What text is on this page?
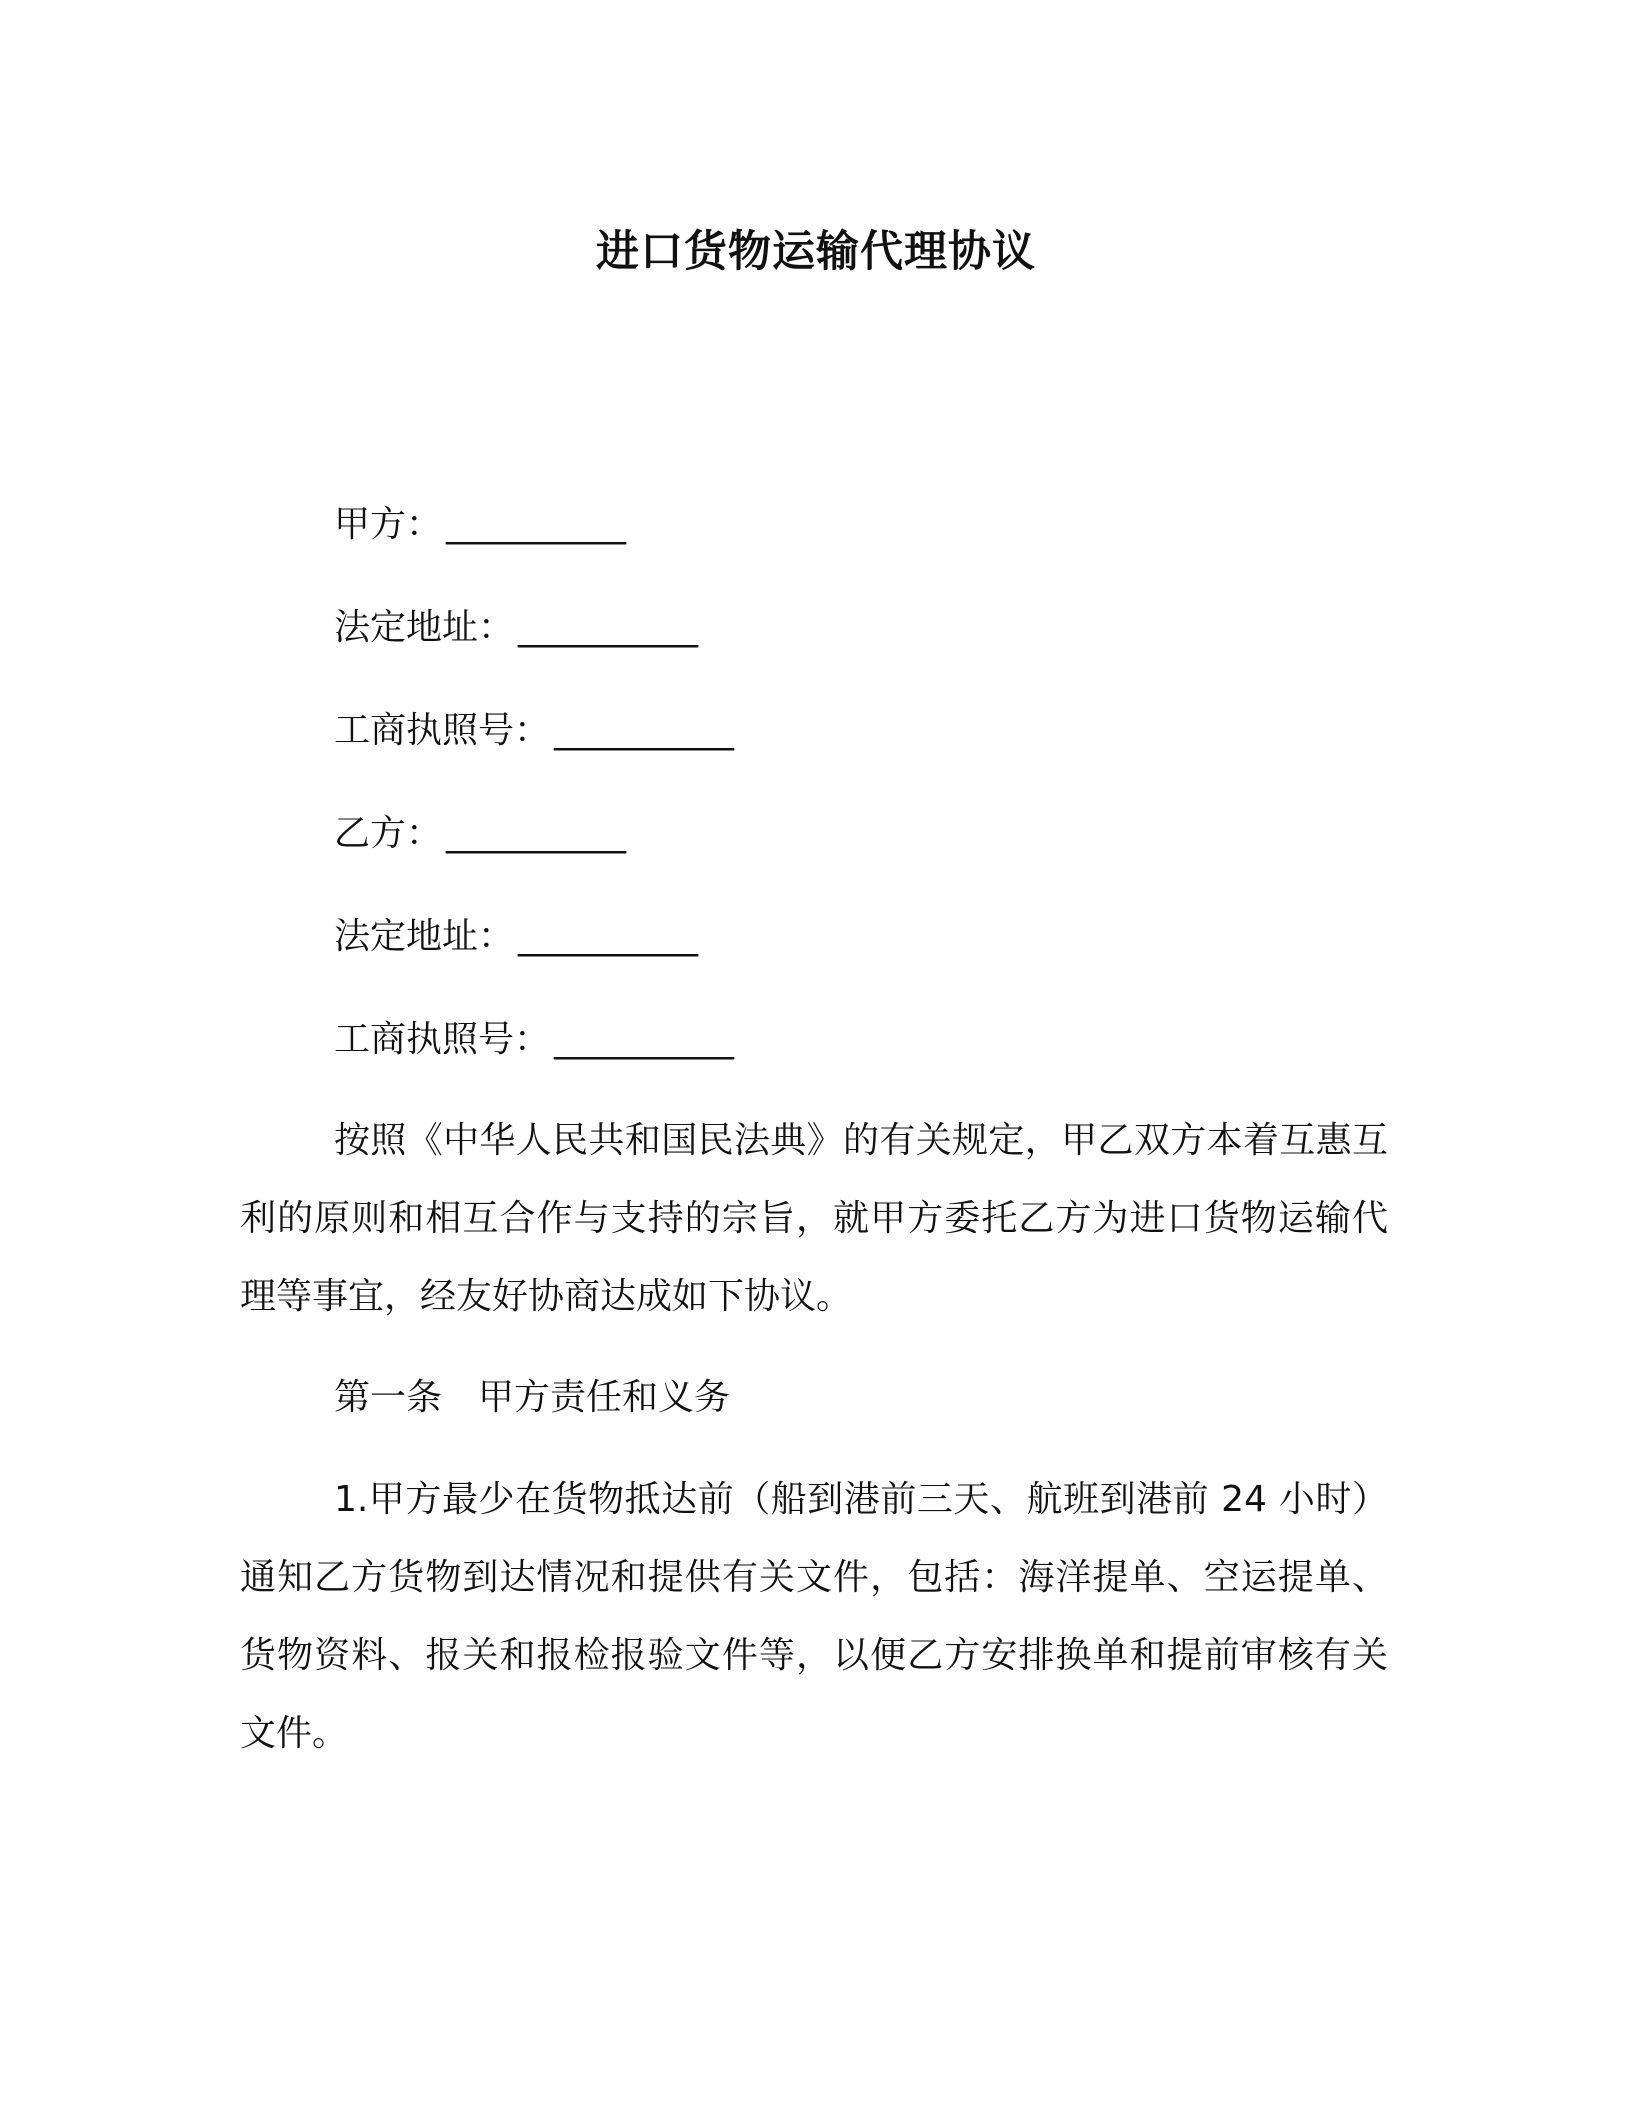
进口货物运输代理协议
甲方： __________
法定地址： __________
工商执照号： __________
乙方： __________
法定地址： __________
工商执照号： __________
按照《中华人民共和国民法典》的有关规定，甲乙双方本着互惠互利的原则和相互合作与支持的宗旨，就甲方委托乙方为进口货物运输代理等事宜，经友好协商达成如下协议。
第一条　甲方责任和义务
1.甲方最少在货物抵达前（船到港前三天、航班到港前 24 小时）通知乙方货物到达情况和提供有关文件，包括：海洋提单、空运提单、货物资料、报关和报检报验文件等，以便乙方安排换单和提前审核有关文件。
